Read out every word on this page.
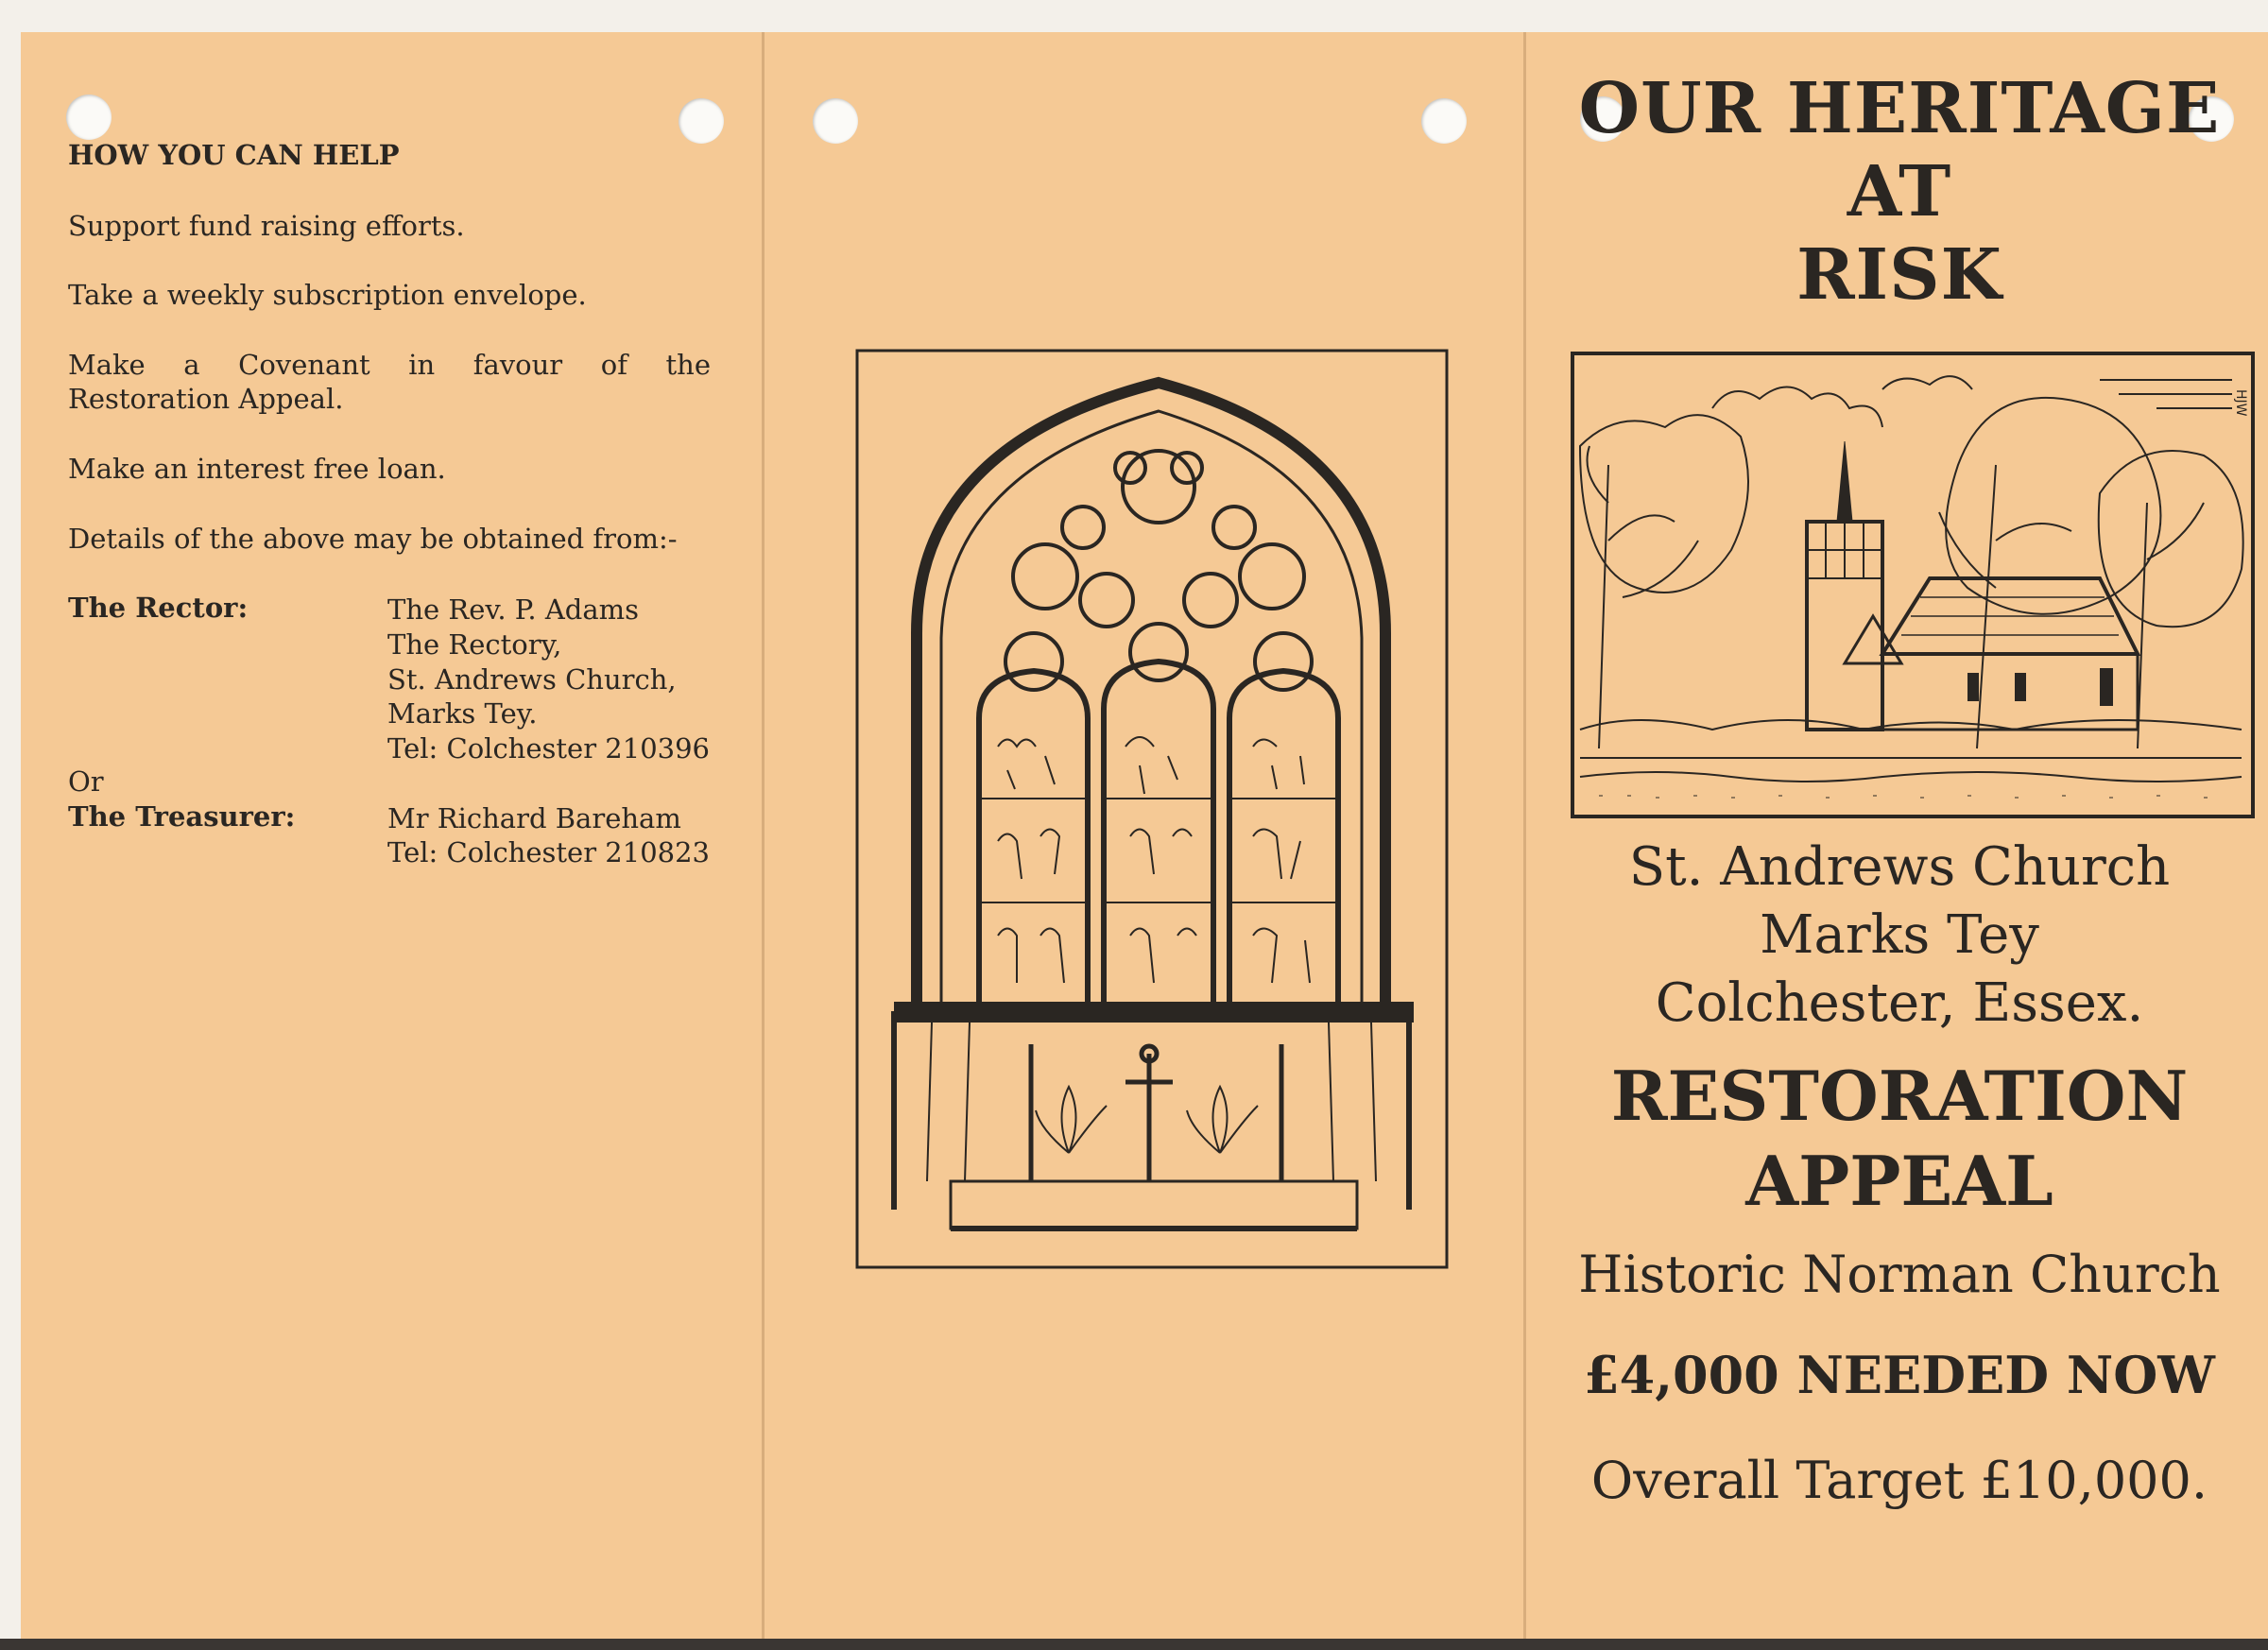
HOW YOU CAN HELP
Support fund raising efforts.
Take a weekly subscription envelope.
Make a Covenant in favour of the
Restoration Appeal.
Make an interest free loan.
Details of the above may be obtained from:-
The Rector:	The Rev. P. Adams
The Rectory,
St. Andrews Church,
Marks Tey.
Tel: Colchester 210396
Or
The Treasurer:	Mr Richard Bareham
Tel: Colchester 210823
OUR HERITAGE
AT
RISK
HJW
St. Andrews Church
Marks Tey
Colchester, Essex.
RESTORATION
APPEAL
Historic Norman Church
£4,000 NEEDED NOW
Overall Target £10,000.
